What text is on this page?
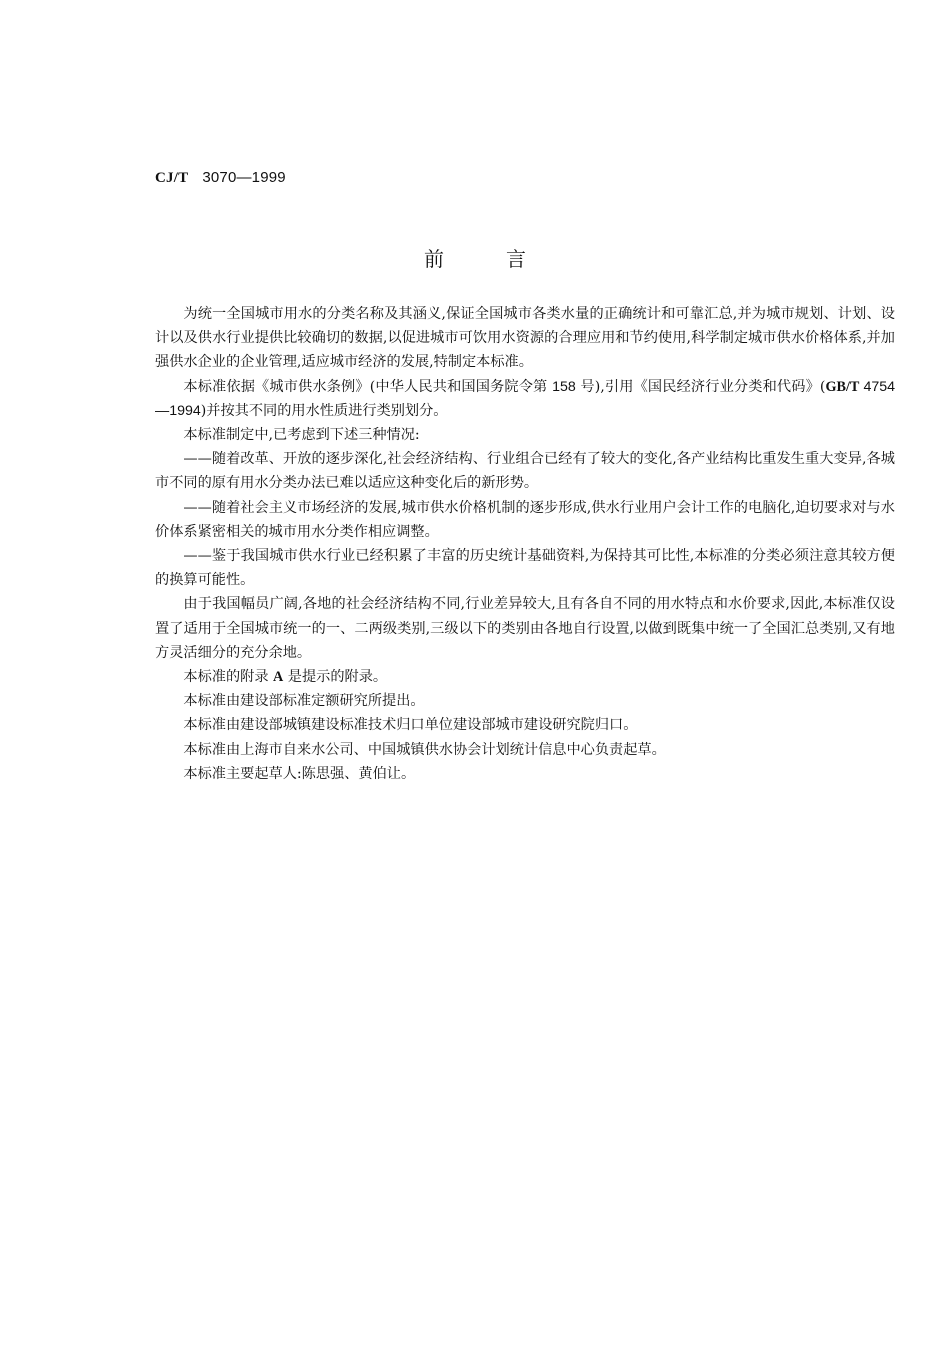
CJ/T 3070—1999
前	言

为统一全国城市用水的分类名称及其涵义,保证全国城市各类水量的正确统计和可靠汇总,并为城市规划、计划、设计以及供水行业提供比较确切的数据,以促进城市可饮用水资源的合理应用和节约使用,科学制定城市供水价格体系,并加强供水企业的企业管理,适应城市经济的发展,特制定本标准。

本标准依据《城市供水条例》(中华人民共和国国务院令第 158 号),引用《国民经济行业分类和代码》(GB/T 4754—1994)并按其不同的用水性质进行类别划分。

本标准制定中,已考虑到下述三种情况:

——随着改革、开放的逐步深化,社会经济结构、行业组合已经有了较大的变化,各产业结构比重发生重大变异,各城市不同的原有用水分类办法已难以适应这种变化后的新形势。

——随着社会主义市场经济的发展,城市供水价格机制的逐步形成,供水行业用户会计工作的电脑化,迫切要求对与水价体系紧密相关的城市用水分类作相应调整。

——鉴于我国城市供水行业已经积累了丰富的历史统计基础资料,为保持其可比性,本标准的分类必须注意其较方便的换算可能性。

由于我国幅员广阔,各地的社会经济结构不同,行业差异较大,且有各自不同的用水特点和水价要求,因此,本标准仅设置了适用于全国城市统一的一、二两级类别,三级以下的类别由各地自行设置,以做到既集中统一了全国汇总类别,又有地方灵活细分的充分余地。

本标准的附录 A 是提示的附录。

本标准由建设部标准定额研究所提出。

本标准由建设部城镇建设标准技术归口单位建设部城市建设研究院归口。

本标准由上海市自来水公司、中国城镇供水协会计划统计信息中心负责起草。

本标准主要起草人:陈思强、黄伯让。
